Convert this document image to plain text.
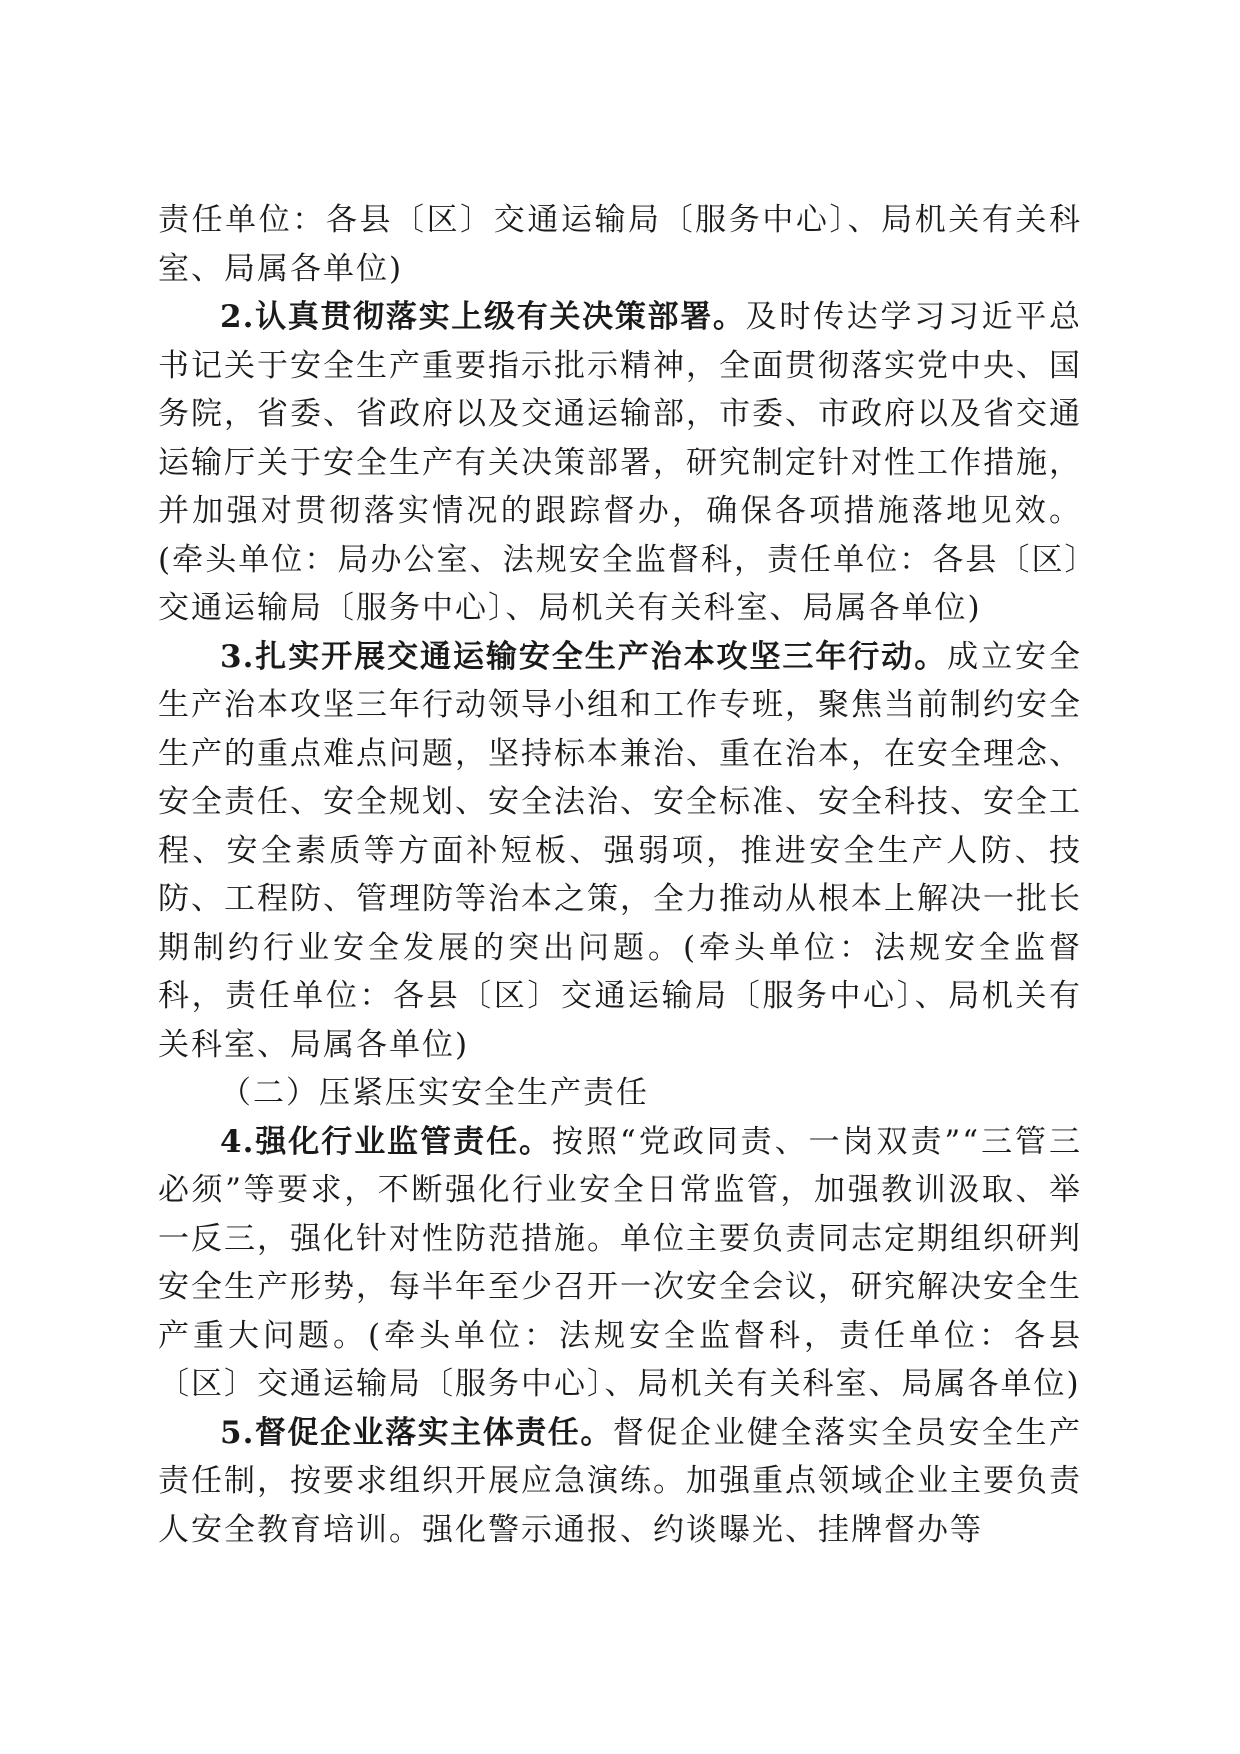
责任单位：各县〔区〕交通运输局〔服务中心〕、局机关有关科室、局属各单位)

2.认真贯彻落实上级有关决策部署。及时传达学习习近平总 书记关于安全生产重要指示批示精神，全面贯彻落实党中央、国 务院，省委、省政府以及交通运输部，市委、市政府以及省交通运输厅关于安全生产有关决策部署，研究制定针对性工作措施，并加强对贯彻落实情况的跟踪督办，确保各项措施落地见效。(牵头单位：局办公室、法规安全监督科，责任单位：各县〔区〕交通运输局〔服务中心〕、局机关有关科室、局属各单位)

3.扎实开展交通运输安全生产治本攻坚三年行动。成立安全 生产治本攻坚三年行动领导小组和工作专班，聚焦当前制约安全 生产的重点难点问题，坚持标本兼治、重在治本，在安全理念、 安全责任、安全规划、安全法治、安全标准、安全科技、安全工程、安全素质等方面补短板、强弱项，推进安全生产人防、技防、工程防、管理防等治本之策，全力推动从根本上解决一批长期制约行业安全发展的突出问题。(牵头单位：法规安全监督科，责任单位：各县〔区〕交通运输局〔服务中心〕、局机关有关科室、局属各单位)

（二）压紧压实安全生产责任

4.强化行业监管责任。按照“党政同责、一岗双责”“三管三必须”等要求，不断强化行业安全日常监管，加强教训汲取、举一反三，强化针对性防范措施。单位主要负责同志定期组织研判安全生产形势，每半年至少召开一次安全会议，研究解决安全生产重大问题。(牵头单位：法规安全监督科，责任单位：各县〔区〕交通运输局〔服务中心〕、局机关有关科室、局属各单位)

5.督促企业落实主体责任。督促企业健全落实全员安全生产责任制，按要求组织开展应急演练。加强重点领域企业主要负责人安全教育培训。强化警示通报、约谈曝光、挂牌督办等
